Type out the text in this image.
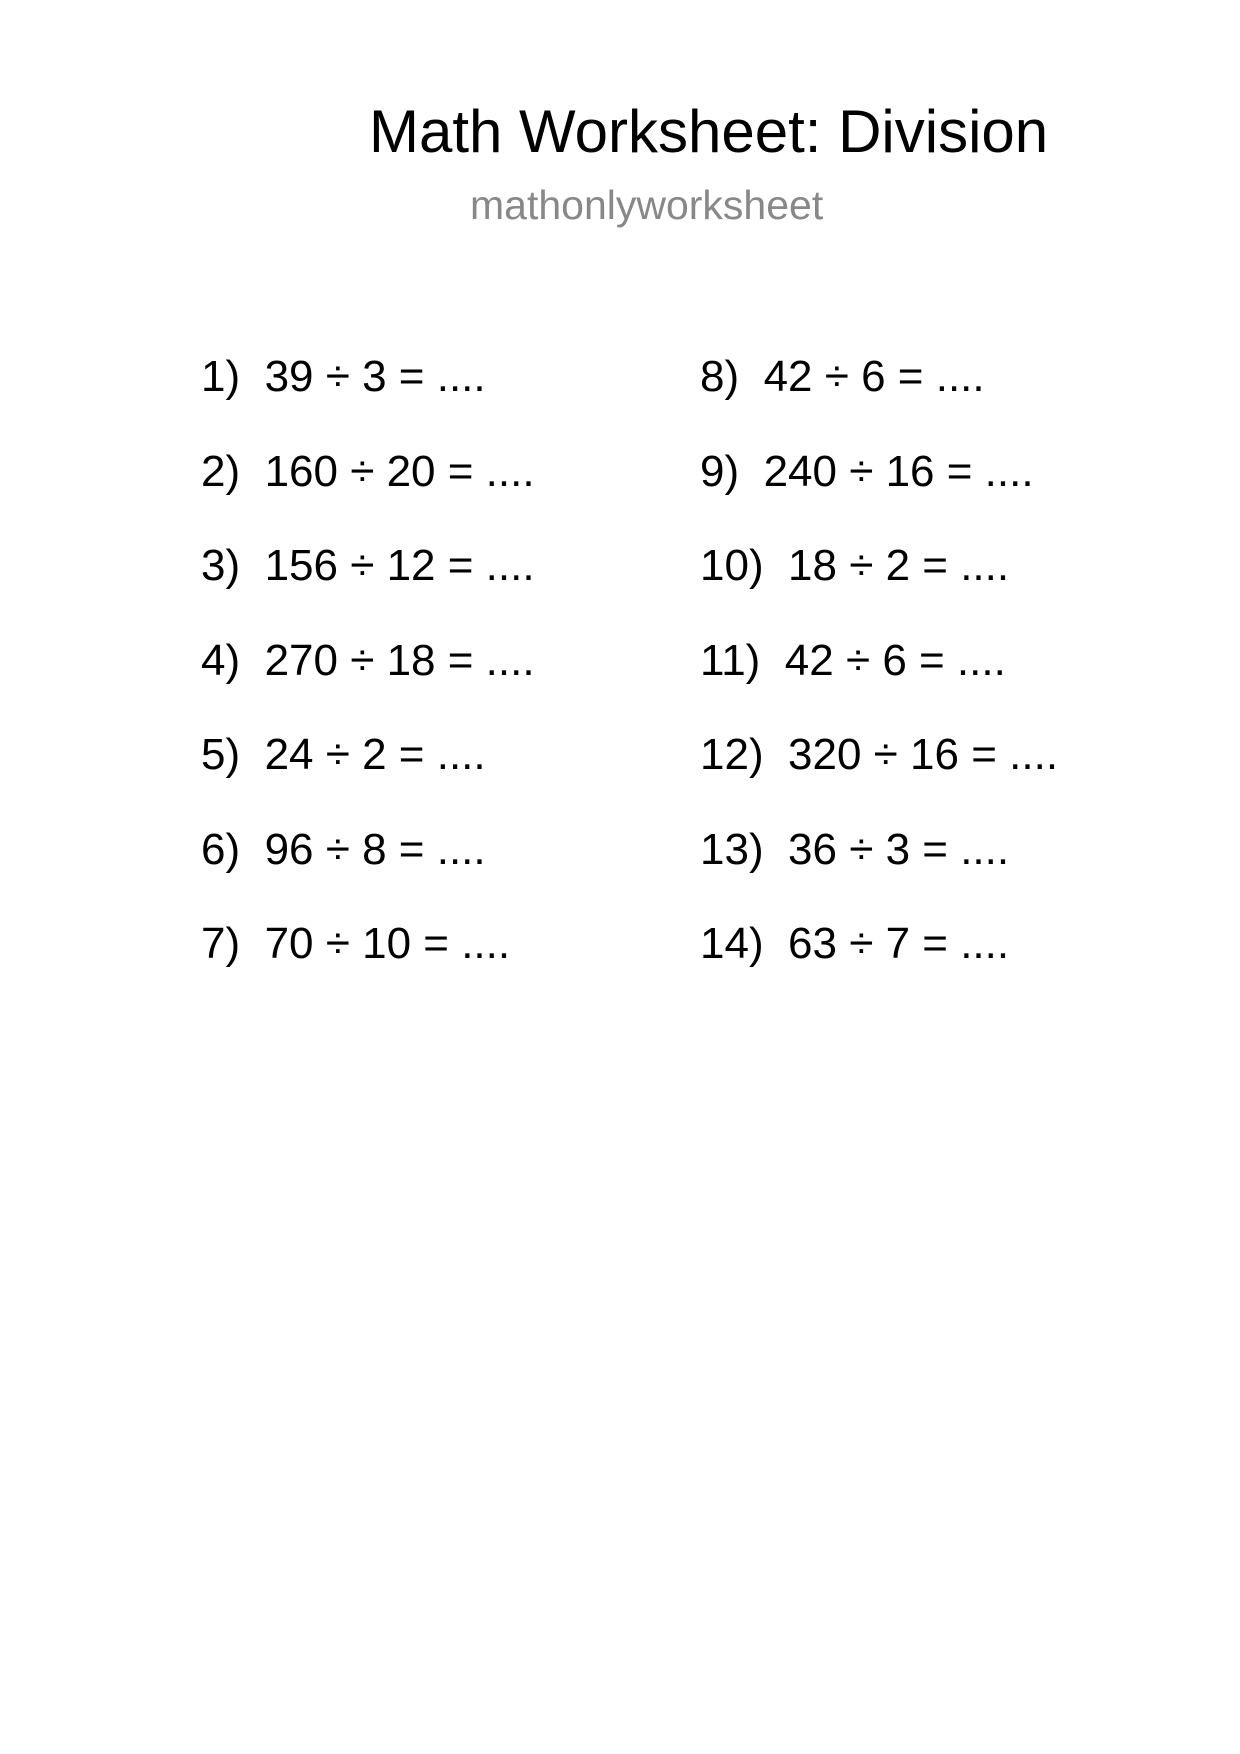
Math Worksheet: Division
mathonlyworksheet
1)  39 ÷ 3 = ....
2)  160 ÷ 20 = ....
3)  156 ÷ 12 = ....
4)  270 ÷ 18 = ....
5)  24 ÷ 2 = ....
6)  96 ÷ 8 = ....
7)  70 ÷ 10 = ....
8)  42 ÷ 6 = ....
9)  240 ÷ 16 = ....
10)  18 ÷ 2 = ....
11)  42 ÷ 6 = ....
12)  320 ÷ 16 = ....
13)  36 ÷ 3 = ....
14)  63 ÷ 7 = ....
